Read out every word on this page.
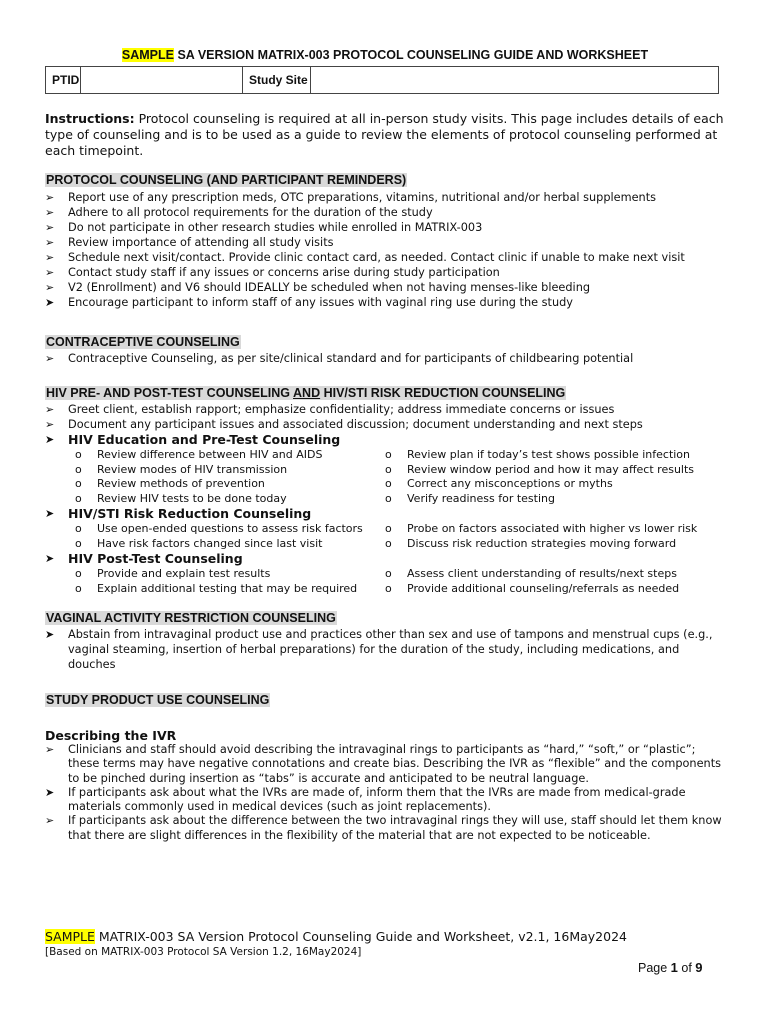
SAMPLE SA VERSION MATRIX-003 PROTOCOL COUNSELING GUIDE AND WORKSHEET
PTID	Study Site
Instructions: Protocol counseling is required at all in-person study visits. This page includes details of each type of counseling and is to be used as a guide to review the elements of protocol counseling performed at each timepoint.
PROTOCOL COUNSELING (AND PARTICIPANT REMINDERS)
➢ Report use of any prescription meds, OTC preparations, vitamins, nutritional and/or herbal supplements
➢ Adhere to all protocol requirements for the duration of the study
➢ Do not participate in other research studies while enrolled in MATRIX-003
➢ Review importance of attending all study visits
➢ Schedule next visit/contact. Provide clinic contact card, as needed. Contact clinic if unable to make next visit
➢ Contact study staff if any issues or concerns arise during study participation
➢ V2 (Enrollment) and V6 should IDEALLY be scheduled when not having menses-like bleeding
➤ Encourage participant to inform staff of any issues with vaginal ring use during the study
CONTRACEPTIVE COUNSELING
➢ Contraceptive Counseling, as per site/clinical standard and for participants of childbearing potential
HIV PRE- AND POST-TEST COUNSELING AND HIV/STI RISK REDUCTION COUNSELING
➢ Greet client, establish rapport; emphasize confidentiality; address immediate concerns or issues
➢ Document any participant issues and associated discussion; document understanding and next steps
➤ HIV Education and Pre-Test Counseling
o Review difference between HIV and AIDS
o Review modes of HIV transmission
o Review methods of prevention
o Review HIV tests to be done today
o Review plan if today’s test shows possible infection
o Review window period and how it may affect results
o Correct any misconceptions or myths
o Verify readiness for testing
➤ HIV/STI Risk Reduction Counseling
o Use open-ended questions to assess risk factors
o Have risk factors changed since last visit
o Probe on factors associated with higher vs lower risk
o Discuss risk reduction strategies moving forward
➤ HIV Post-Test Counseling
o Provide and explain test results
o Explain additional testing that may be required
o Assess client understanding of results/next steps
o Provide additional counseling/referrals as needed
VAGINAL ACTIVITY RESTRICTION COUNSELING
➤ Abstain from intravaginal product use and practices other than sex and use of tampons and menstrual cups (e.g., vaginal steaming, insertion of herbal preparations) for the duration of the study, including medications, and douches
STUDY PRODUCT USE COUNSELING
Describing the IVR
➢ Clinicians and staff should avoid describing the intravaginal rings to participants as “hard,” “soft,” or “plastic”; these terms may have negative connotations and create bias. Describing the IVR as “flexible” and the components to be pinched during insertion as “tabs” is accurate and anticipated to be neutral language.
➤ If participants ask about what the IVRs are made of, inform them that the IVRs are made from medical-grade materials commonly used in medical devices (such as joint replacements).
➢ If participants ask about the difference between the two intravaginal rings they will use, staff should let them know that there are slight differences in the flexibility of the material that are not expected to be noticeable.
SAMPLE MATRIX-003 SA Version Protocol Counseling Guide and Worksheet, v2.1, 16May2024
[Based on MATRIX-003 Protocol SA Version 1.2, 16May2024]
Page 1 of 9
